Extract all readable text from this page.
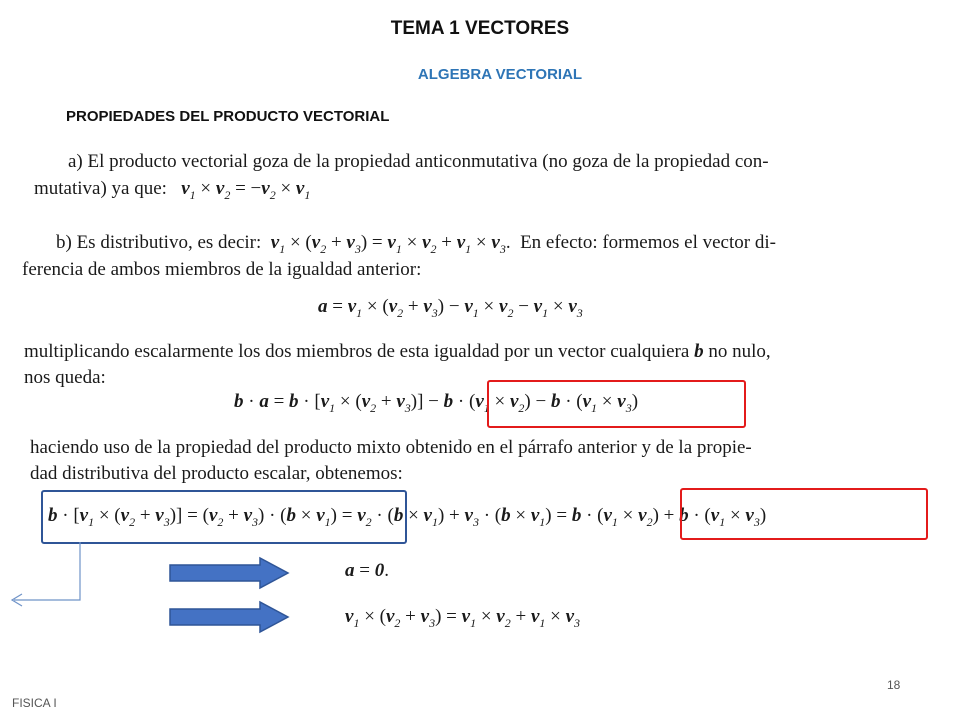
TEMA 1 VECTORES
ALGEBRA VECTORIAL
PROPIEDADES DEL PRODUCTO VECTORIAL
a) El producto vectorial goza de la propiedad anticonmutativa (no goza de la propiedad con-
mutativa) ya que: $v_1 \times v_2 = -v_2 \times v_1$
b) Es distributivo, es decir: $v_1 \times (v_2 + v_3) = v_1 \times v_2 + v_1 \times v_3$.  En efecto: formemos el vector di-
ferencia de ambos miembros de la igualdad anterior:
$a = v_1 \times (v_2 + v_3) - v_1 \times v_2 - v_1 \times v_3$
multiplicando escalarmente los dos miembros de esta igualdad por un vector cualquiera b no nulo,
nos queda:
$b \cdot a = b \cdot [v_1 \times (v_2 + v_3)] - b \cdot (v_1 \times v_2) - b \cdot (v_1 \times v_3)$
haciendo uso de la propiedad del producto mixto obtenido en el párrafo anterior y de la propie-
dad distributiva del producto escalar, obtenemos:
$b \cdot [v_1 \times (v_2 + v_3)] = (v_2 + v_3) \cdot (b \times v_1) = v_2 \cdot (b \times v_1) + v_3 \cdot (b \times v_1) = b \cdot (v_1 \times v_2) + b \cdot (v_1 \times v_3)$
a = 0.
$v_1 \times (v_2 + v_3) = v_1 \times v_2 + v_1 \times v_3$
18
FISICA I
